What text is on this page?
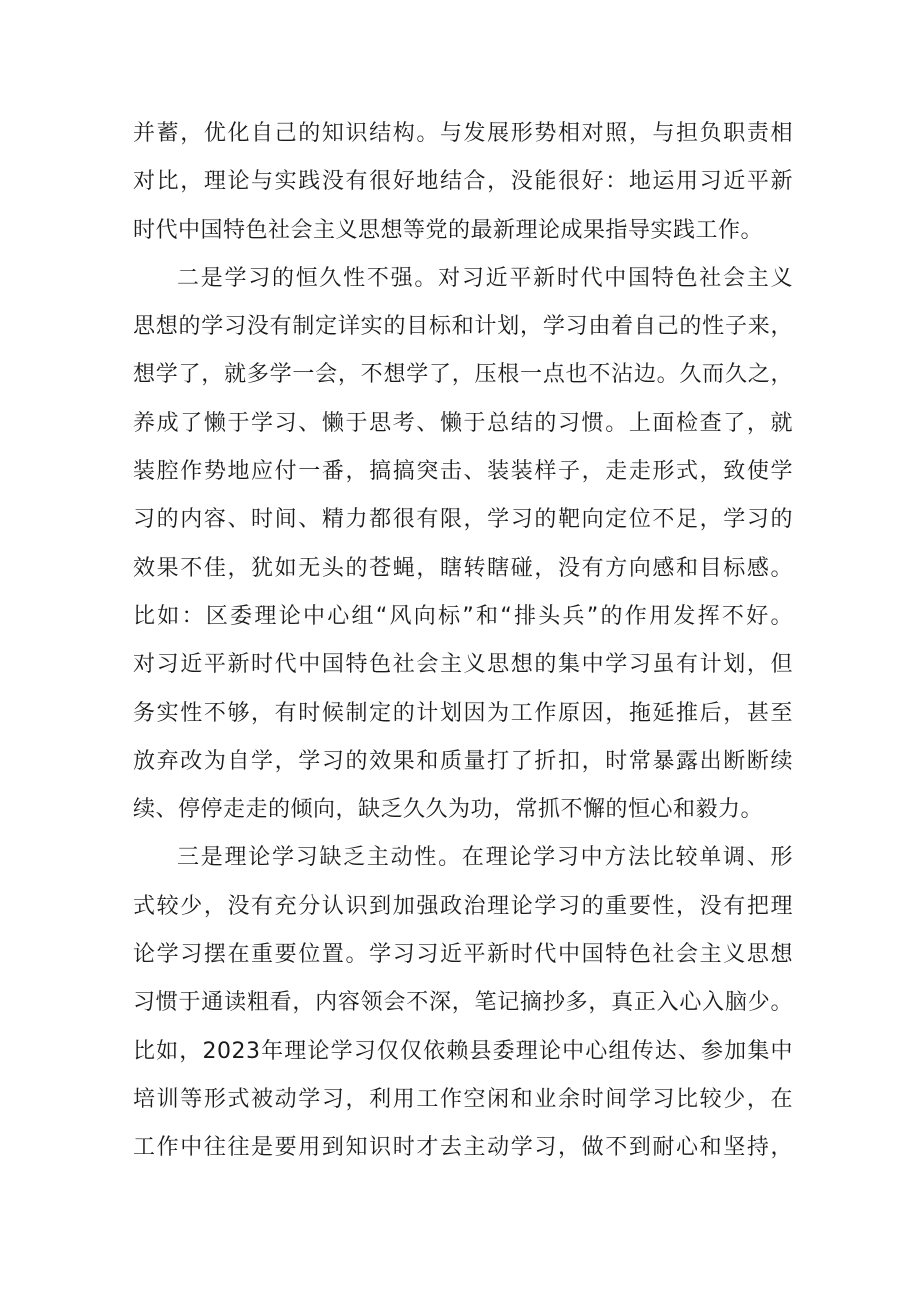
并蓄，优化自己的知识结构。与发展形势相对照，与担负职责相
对比，理论与实践没有很好地结合，没能很好：地运用习近平新
时代中国特色社会主义思想等党的最新理论成果指导实践工作。
二是学习的恒久性不强。对习近平新时代中国特色社会主义
思想的学习没有制定详实的目标和计划，学习由着自己的性子来，
想学了，就多学一会，不想学了，压根一点也不沾边。久而久之，
养成了懒于学习、懒于思考、懒于总结的习惯。上面检查了，就
装腔作势地应付一番，搞搞突击、装装样子，走走形式，致使学
习的内容、时间、精力都很有限，学习的靶向定位不足，学习的
效果不佳，犹如无头的苍蝇，瞎转瞎碰，没有方向感和目标感。
比如：区委理论中心组“风向标”和“排头兵”的作用发挥不好。
对习近平新时代中国特色社会主义思想的集中学习虽有计划，但
务实性不够，有时候制定的计划因为工作原因，拖延推后，甚至
放弃改为自学，学习的效果和质量打了折扣，时常暴露出断断续
续、停停走走的倾向，缺乏久久为功，常抓不懈的恒心和毅力。
三是理论学习缺乏主动性。在理论学习中方法比较单调、形
式较少，没有充分认识到加强政治理论学习的重要性，没有把理
论学习摆在重要位置。学习习近平新时代中国特色社会主义思想
习惯于通读粗看，内容领会不深，笔记摘抄多，真正入心入脑少。
比如，2023年理论学习仅仅依赖县委理论中心组传达、参加集中
培训等形式被动学习，利用工作空闲和业余时间学习比较少，在
工作中往往是要用到知识时才去主动学习，做不到耐心和坚持，
